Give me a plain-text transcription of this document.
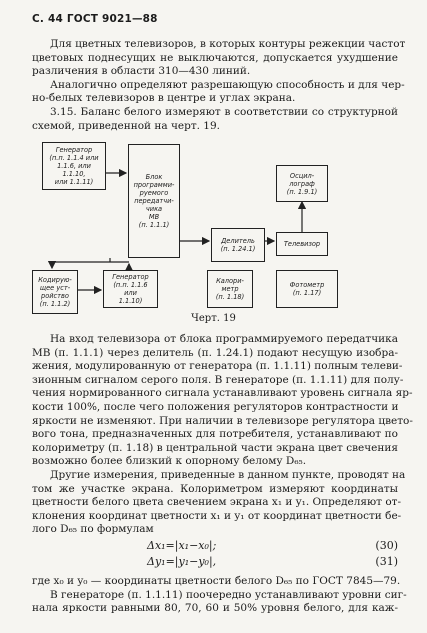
С. 44 ГОСТ 9021—88
Для цветных телевизоров, в которых контуры режекции частот
цветовых поднесущих не выключаются, допускается ухудшение
различения в области 310—430 линий.
Аналогично определяют разрешающую способность и для чер-
но-белых телевизоров в центре и углах экрана.
3.15. Баланс белого измеряют в соответствии со структурной
схемой, приведенной на черт. 19.
Генератор
(п.п. 1.1.4 или
1.1.6, или 1.1.10,
или 1.1.11)
Блок
программи-
руемого
передатчи-
чика
МВ
(п. 1.1.1)
Делитель
(п. 1.24.1)
Телевизор
Осцил-
лограф
(п. 1.9.1)
Кодирую-
щее уст-
ройство
(п. 1.1.2)
Генератор
(п.п. 1.1.6 или
1.1.10)
Калори-
метр
(п. 1.18)
Фотометр
(п. 1.17)
Черт. 19
На вход телевизора от блока программируемого передатчика
МВ (п. 1.1.1) через делитель (п. 1.24.1) подают несущую изобра-
жения, модулированную от генератора (п. 1.1.11) полным телеви-
зионным сигналом серого поля. В генераторе (п. 1.1.11) для полу-
чения нормированного сигнала устанавливают уровень сигнала яр-
кости 100%, после чего положения регуляторов контрастности и
яркости не изменяют. При наличии в телевизоре регулятора цвето-
вого тона, предназначенных для потребителя, устанавливают по
колориметру (п. 1.18) в центральной части экрана цвет свечения
возможно более близкий к опорному белому D₆₅.
Другие измерения, приведенные в данном пункте, проводят на
том же участке экрана. Колориметром измеряют координаты
цветности белого цвета свечением экрана x₁ и y₁. Определяют от-
клонения координат цветности x₁ и y₁ от координат цветности бе-
лого D₆₅ по формулам
Δx₁=|x₁−x₀|;	(30)
Δy₁=|y₁−y₀|,	(31)
где x₀ и y₀ — координаты цветности белого D₆₅ по ГОСТ 7845—79.
В генераторе (п. 1.1.11) поочередно устанавливают уровни сиг-
нала яркости равными 80, 70, 60 и 50% уровня белого, для каж-
